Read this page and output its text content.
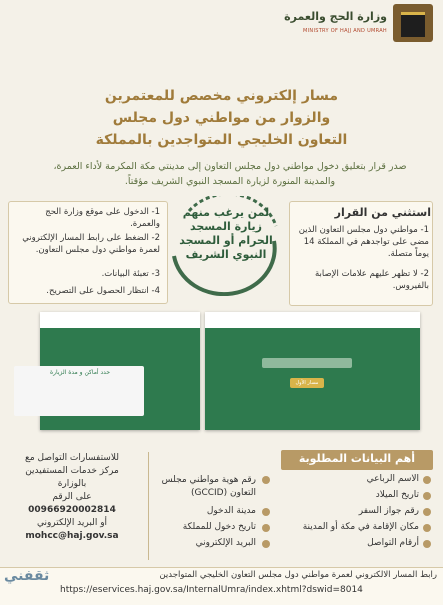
وزارة الحج والعمرة
MINISTRY OF HAJJ AND UMRAH
مسار إلكتروني مخصص للمعتمرين
والزوار من مواطني دول مجلس
التعاون الخليجي المتواجدين بالمملكة
صدر قرار بتعليق دخول مواطني دول مجلس التعاون إلى مدينتي مكة المكرمة لأداء العمرة، والمدينة المنورة لزيارة المسجد النبوي الشريف مؤقتاً.
1- الدخول على موقع وزارة الحج والعمرة.
2- الضغط على رابط المسار الإلكتروني لعمرة مواطني دول مجلس التعاون.
3- تعبئة البيانات.
4- انتظار الحصول على التصريح.
لمن يرغب منهم زيارة المسجد الحرام أو المسجد النبوي الشريف
استثني من القرار
1- مواطني دول مجلس التعاون الذين مضى على تواجدهم في المملكة 14 يوماً متصلة.
2- لا تظهر عليهم علامات الإصابة بالفيروس.
حدد أماكن و مدة الزيارة
مسار الأول
أهم البيانات المطلوبة
الاسم الرباعي
تاريخ الميلاد
رقم جواز السفر
مكان الإقامة في مكة أو المدينة
أرقام التواصل
رقم هوية مواطني مجلس التعاون (GCCID)
مدينة الدخول
تاريخ دخول للمملكة
البريد الإلكتروني
للاستفسارات التواصل مع
مركز خدمات المستفيدين بالوزارة
على الرقم
00966920002814
أو البريد الإلكتروني
mohcc@haj.gov.sa
رابط المسار الالكتروني لعمرة مواطني دول مجلس التعاون الخليجي المتواجدين
https://eservices.haj.gov.sa/InternalUmra/index.xhtml?dswid=8014
ثقفني
